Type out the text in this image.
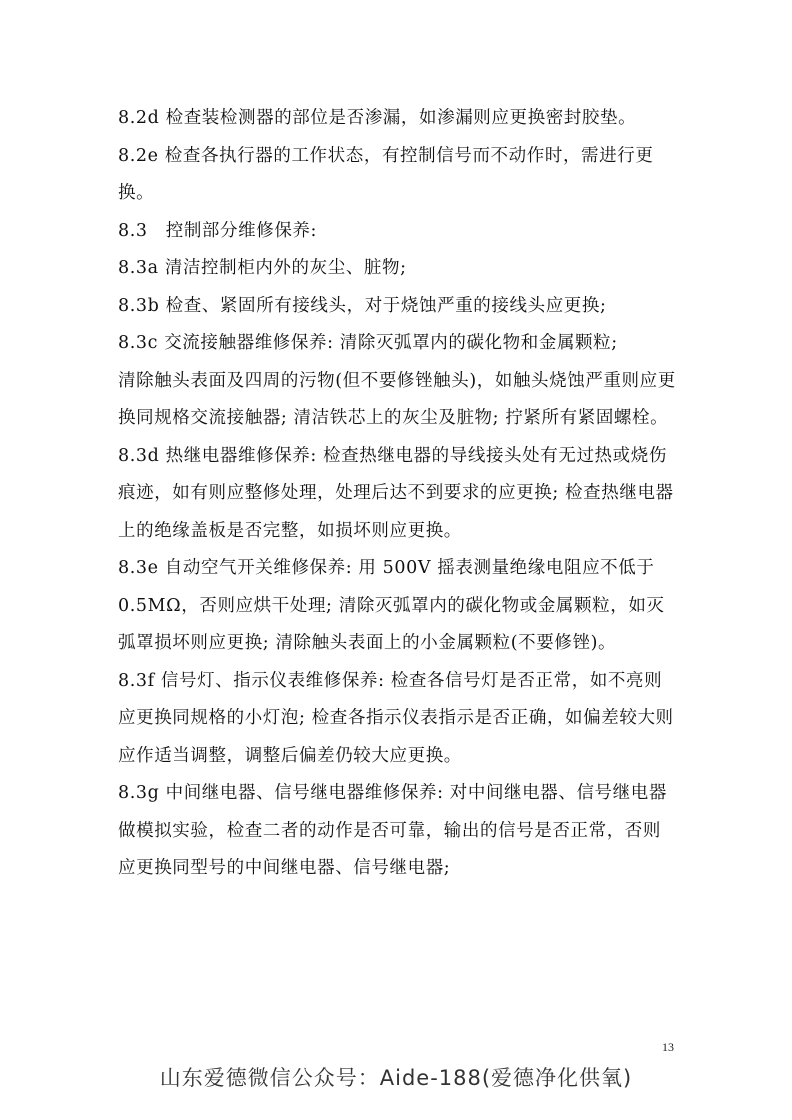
8.2d 检查装检测器的部位是否渗漏，如渗漏则应更换密封胶垫。

8.2e 检查各执行器的工作状态，有控制信号而不动作时，需进行更换。

8.3　控制部分维修保养:

8.3a 清洁控制柜内外的灰尘、脏物;

8.3b 检查、紧固所有接线头，对于烧蚀严重的接线头应更换;

8.3c 交流接触器维修保养: 清除灭弧罩内的碳化物和金属颗粒;

清除触头表面及四周的污物(但不要修锉触头)，如触头烧蚀严重则应更换同规格交流接触器; 清洁铁芯上的灰尘及脏物; 拧紧所有紧固螺栓。

8.3d 热继电器维修保养: 检查热继电器的导线接头处有无过热或烧伤痕迹，如有则应整修处理，处理后达不到要求的应更换; 检查热继电器上的绝缘盖板是否完整，如损坏则应更换。

8.3e 自动空气开关维修保养: 用 500V 摇表测量绝缘电阻应不低于 0.5MΩ，否则应烘干处理; 清除灭弧罩内的碳化物或金属颗粒，如灭弧罩损坏则应更换; 清除触头表面上的小金属颗粒(不要修锉)。

8.3f 信号灯、指示仪表维修保养: 检查各信号灯是否正常，如不亮则应更换同规格的小灯泡; 检查各指示仪表指示是否正确，如偏差较大则应作适当调整，调整后偏差仍较大应更换。

8.3g 中间继电器、信号继电器维修保养: 对中间继电器、信号继电器做模拟实验，检查二者的动作是否可靠，输出的信号是否正常，否则应更换同型号的中间继电器、信号继电器;

13
山东爱德微信公众号：Aide-188(爱德净化供氧)
